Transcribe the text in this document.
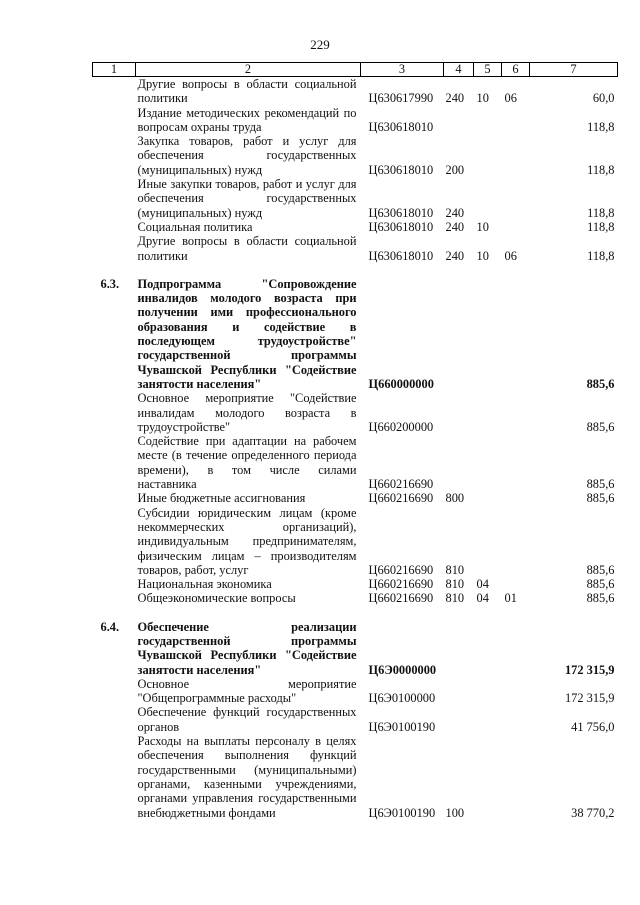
229
1	2	3	4	5	6	7
	Другие вопросы в области социальной политики	Ц630617990	240	10	06	60,0
	Издание методических рекомендаций по вопросам охраны труда	Ц630618010				118,8
	Закупка товаров, работ и услуг для обеспечения государственных (муниципальных) нужд	Ц630618010	200			118,8
	Иные закупки товаров, работ и услуг для обеспечения государственных (муниципальных) нужд	Ц630618010	240			118,8
	Социальная политика	Ц630618010	240	10		118,8
	Другие вопросы в области социальной политики	Ц630618010	240	10	06	118,8

6.3.	Подпрограмма "Сопровождение инвалидов молодого возраста при получении ими профессионального образования и содействие в последующем трудоустройстве" государственной программы Чувашской Республики "Содействие занятости населения"	Ц660000000				885,6
	Основное мероприятие "Содействие инвалидам молодого возраста в трудоустройстве"	Ц660200000				885,6
	Содействие при адаптации на рабочем месте (в течение определенного периода времени), в том числе силами наставника	Ц660216690				885,6
	Иные бюджетные ассигнования	Ц660216690	800			885,6
	Субсидии юридическим лицам (кроме некоммерческих организаций), индивидуальным предпринимателям, физическим лицам – производителям товаров, работ, услуг	Ц660216690	810			885,6
	Национальная экономика	Ц660216690	810	04		885,6
	Общеэкономические вопросы	Ц660216690	810	04	01	885,6

6.4.	Обеспечение реализации государственной программы Чувашской Республики "Содействие занятости населения"	Ц6Э0000000				172 315,9
	Основное мероприятие "Общепрограммные расходы"	Ц6Э0100000				172 315,9
	Обеспечение функций государственных органов	Ц6Э0100190				41 756,0
	Расходы на выплаты персоналу в целях обеспечения выполнения функций государственными (муниципальными) органами, казенными учреждениями, органами управления государственными внебюджетными фондами	Ц6Э0100190	100			38 770,2
